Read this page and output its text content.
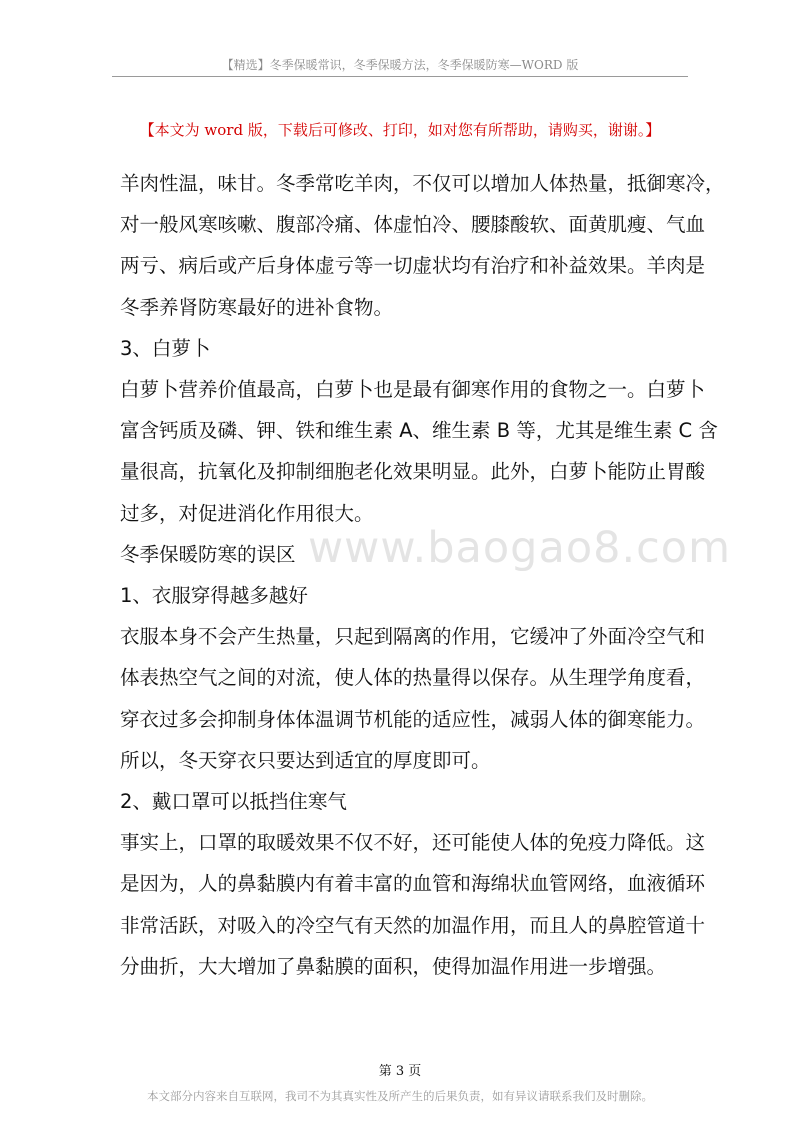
【精选】冬季保暖常识，冬季保暖方法，冬季保暖防寒—WORD 版
【本文为 word 版，下载后可修改、打印，如对您有所帮助，请购买，谢谢。】
www.baogao8.com

羊肉性温，味甘。冬季常吃羊肉，不仅可以增加人体热量，抵御寒冷，

对一般风寒咳嗽、腹部冷痛、体虚怕冷、腰膝酸软、面黄肌瘦、气血

两亏、病后或产后身体虚亏等一切虚状均有治疗和补益效果。羊肉是

冬季养肾防寒最好的进补食物。

3、白萝卜

白萝卜营养价值最高，白萝卜也是最有御寒作用的食物之一。白萝卜

富含钙质及磷、钾、铁和维生素 A、维生素 B 等，尤其是维生素 C 含

量很高，抗氧化及抑制细胞老化效果明显。此外，白萝卜能防止胃酸

过多，对促进消化作用很大。

冬季保暖防寒的误区

1、衣服穿得越多越好

衣服本身不会产生热量，只起到隔离的作用，它缓冲了外面冷空气和

体表热空气之间的对流，使人体的热量得以保存。从生理学角度看，

穿衣过多会抑制身体体温调节机能的适应性，减弱人体的御寒能力。

所以，冬天穿衣只要达到适宜的厚度即可。

2、戴口罩可以抵挡住寒气

事实上，口罩的取暖效果不仅不好，还可能使人体的免疫力降低。这

是因为，人的鼻黏膜内有着丰富的血管和海绵状血管网络，血液循环

非常活跃，对吸入的冷空气有天然的加温作用，而且人的鼻腔管道十

分曲折，大大增加了鼻黏膜的面积，使得加温作用进一步增强。

第 3 页
本文部分内容来自互联网，我司不为其真实性及所产生的后果负责，如有异议请联系我们及时删除。
